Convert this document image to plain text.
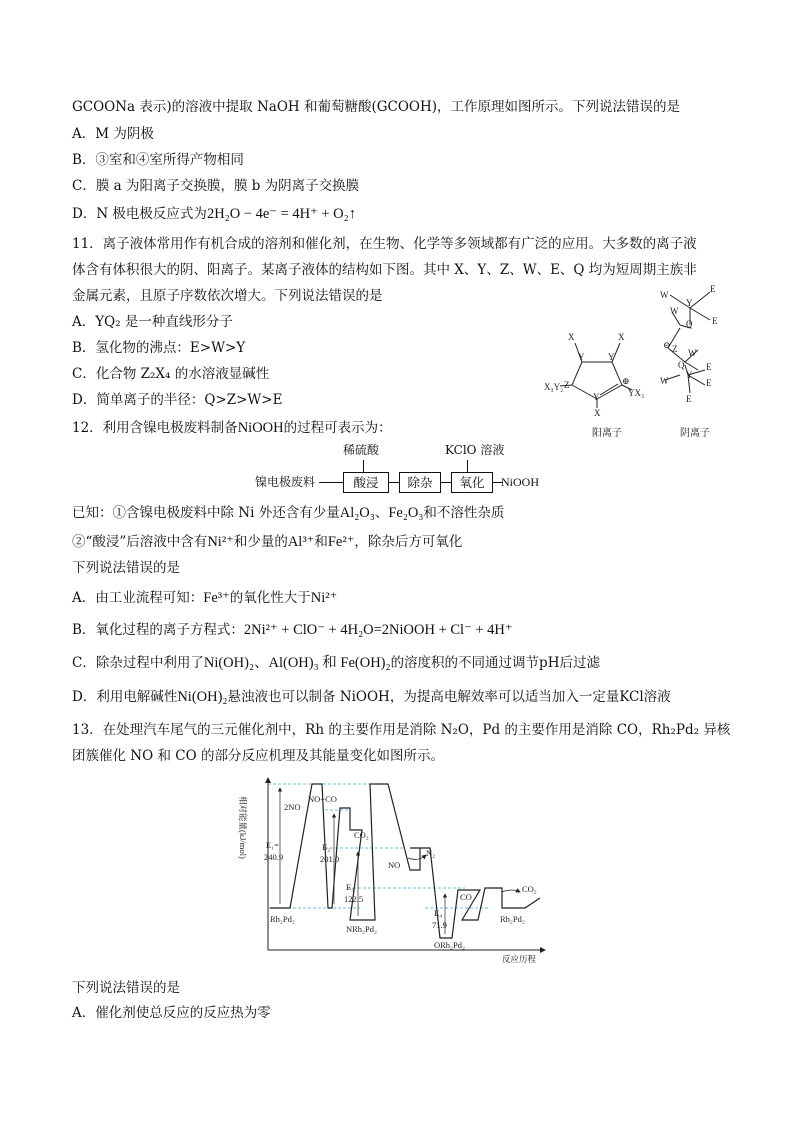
GCOONa 表示)的溶液中提取 NaOH 和葡萄糖酸(GCOOH)，工作原理如图所示。下列说法错误的是
A．M 为阴极
B．③室和④室所得产物相同
C．膜 a 为阳离子交换膜，膜 b 为阴离子交换膜
D．N 极电极反应式为2H₂O − 4e⁻ = 4H⁺ + O₂↑
11．离子液体常用作有机合成的溶剂和催化剂，在生物、化学等多领域都有广泛的应用。大多数的离子液
体含有体积很大的阴、阳离子。某离子液体的结构如下图。其中 X、Y、Z、W、E、Q 均为短周期主族非
金属元素，且原子序数依次增大。下列说法错误的是
A．YQ₂ 是一种直线形分子
B．氢化物的沸点：E>W>Y
C．化合物 Z₂X₄ 的水溶液显碱性
D．简单离子的半径：Q>Z>W>E
X	X
Y	Y
X₃Y₂ Z	⊕
YX₃
Y
X
W
Y
E
E
W
Q
⊖ Z W
Q
W
Y
E
E
E
阳离子	阴离子
12．利用含镍电极废料制备NiOOH的过程可表示为：
稀硫酸	KClO 溶液
镍电极废料	酸浸	除杂	氧化	NiOOH
已知：①含镍电极废料中除 Ni 外还含有少量Al₂O₃、Fe₂O₃和不溶性杂质
②“酸浸”后溶液中含有Ni²⁺和少量的Al³⁺和Fe²⁺，除杂后方可氧化
下列说法错误的是
A．由工业流程可知：Fe³⁺的氧化性大于Ni²⁺
B．氧化过程的离子方程式：2Ni²⁺ + ClO⁻ + 4H₂O=2NiOOH + Cl⁻ + 4H⁺
C．除杂过程中利用了Ni(OH)₂、Al(OH)₃ 和 Fe(OH)₂的溶度积的不同通过调节pH后过滤
D．利用电解碱性Ni(OH)₂悬浊液也可以制备 NiOOH，为提高电解效率可以适当加入一定量KCl溶液
13．在处理汽车尾气的三元催化剂中，Rh 的主要作用是消除 N₂O，Pd 的主要作用是消除 CO，Rh₂Pd₂ 异核
团簇催化 NO 和 CO 的部分反应机理及其能量变化如图所示。
相对能量(kJ/mol)	2NO
NO+CO
CO₂
NO
N₂
CO
CO₂
Rh₂Pd₂
NRh₂Pd₂
ORh₂Pd₂
Rh₂Pd₂
E₁=
240.9
E₂
201.0
E₃
122.5
E₄
71.9
反应历程
下列说法错误的是
A．催化剂使总反应的反应热为零
